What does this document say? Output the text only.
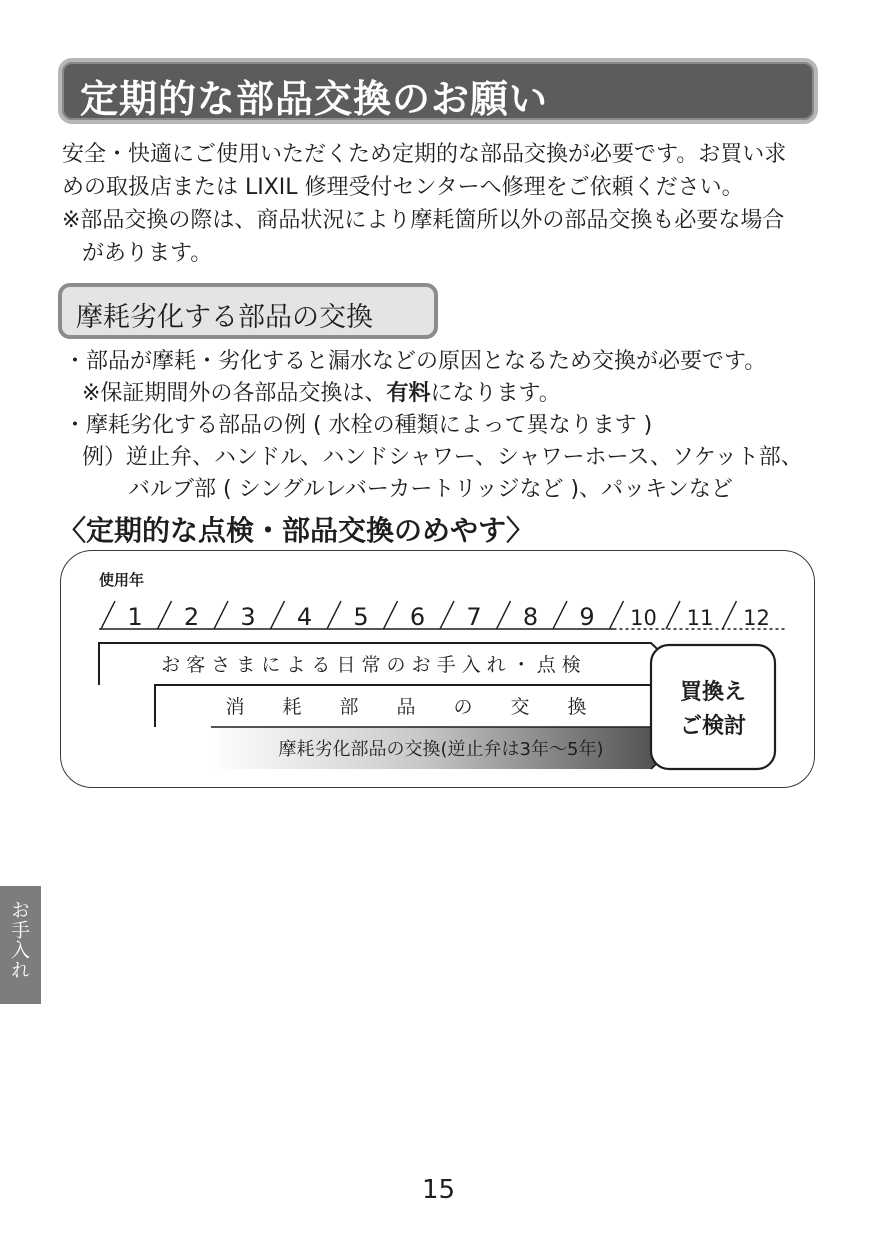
定期的な部品交換のお願い

安全・快適にご使用いただくため定期的な部品交換が必要です。お買い求

めの取扱店または LIXIL 修理受付センターへ修理をご依頼ください。

※部品交換の際は、商品状況により摩耗箇所以外の部品交換も必要な場合

があります。

摩耗劣化する部品の交換

・部品が摩耗・劣化すると漏水などの原因となるため交換が必要です。

※保証期間外の各部品交換は、有料になります。

・摩耗劣化する部品の例 ( 水栓の種類によって異なります )

例）逆止弁、ハンドル、ハンドシャワー、シャワーホース、ソケット部、

バルブ部 ( シングルレバーカートリッジなど )、パッキンなど

〈定期的な点検・部品交換のめやす〉
使用年
1 2 3 4 5 6 7 8 9 10 11 12
お 客 さ ま に よ る 日 常 の お 手 入 れ ・ 点 検
消　　耗　　部　　品　　の　　交　　換
摩耗劣化部品の交換(逆止弁は3年〜5年)
買換え
ご検討
お手入れ
15
